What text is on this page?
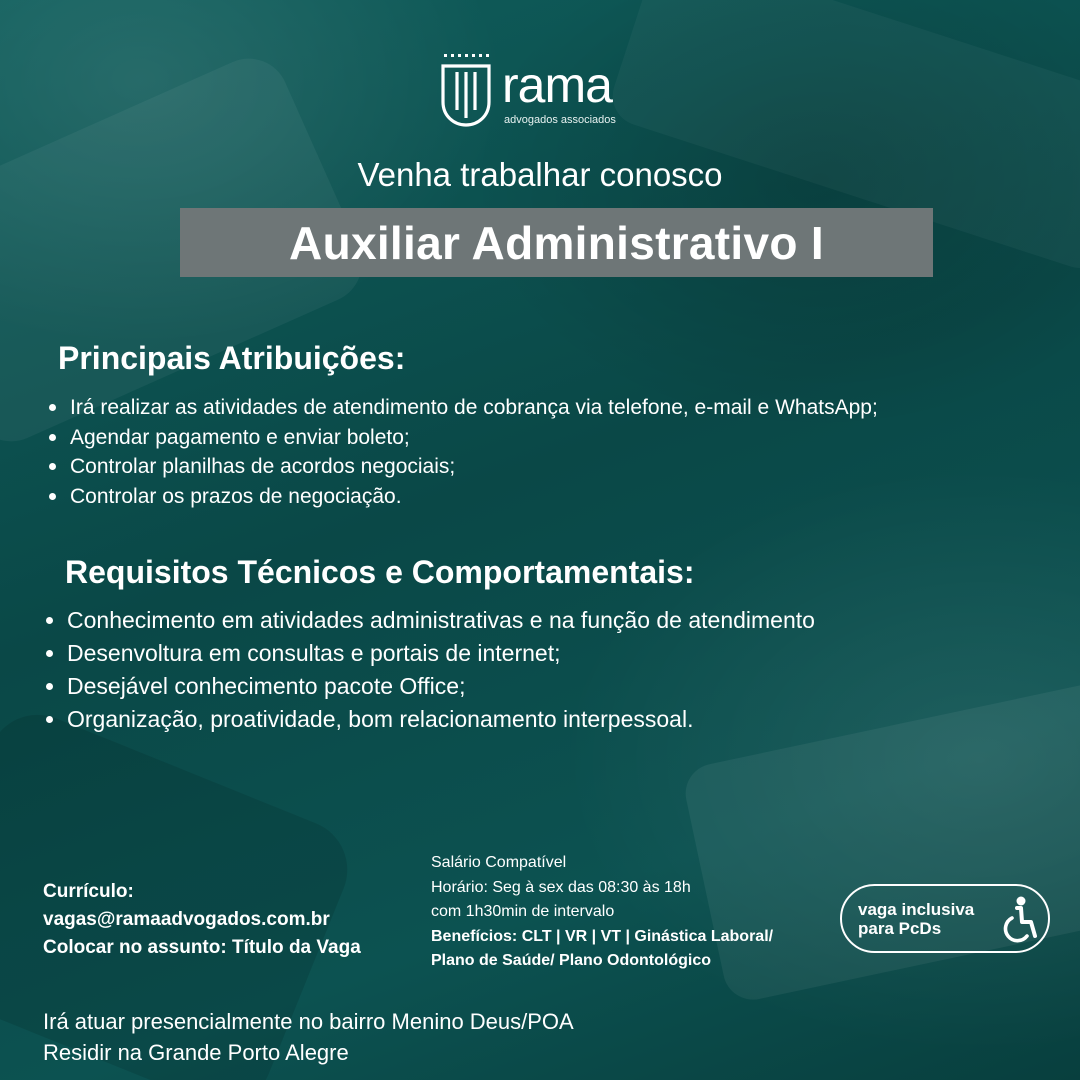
rama
advogados associados
Venha trabalhar conosco
Auxiliar Administrativo I
Principais Atribuições:
Irá realizar as atividades de atendimento de cobrança via telefone, e-mail e WhatsApp;
Agendar pagamento e enviar boleto;
Controlar planilhas de acordos negociais;
Controlar os prazos de negociação.
Requisitos Técnicos e Comportamentais:
Conhecimento em atividades administrativas e na função de atendimento
Desenvoltura em consultas e portais de internet;
Desejável conhecimento pacote Office;
Organização, proatividade, bom relacionamento interpessoal.
Currículo:
vagas@ramaadvogados.com.br
Colocar no assunto: Título da Vaga
Salário Compatível
Horário: Seg à sex das 08:30 às 18h
com 1h30min de intervalo
Benefícios: CLT | VR | VT | Ginástica Laboral/
Plano de Saúde/ Plano Odontológico
vaga inclusiva
para PcDs
Irá atuar presencialmente no bairro Menino Deus/POA
Residir na Grande Porto Alegre
